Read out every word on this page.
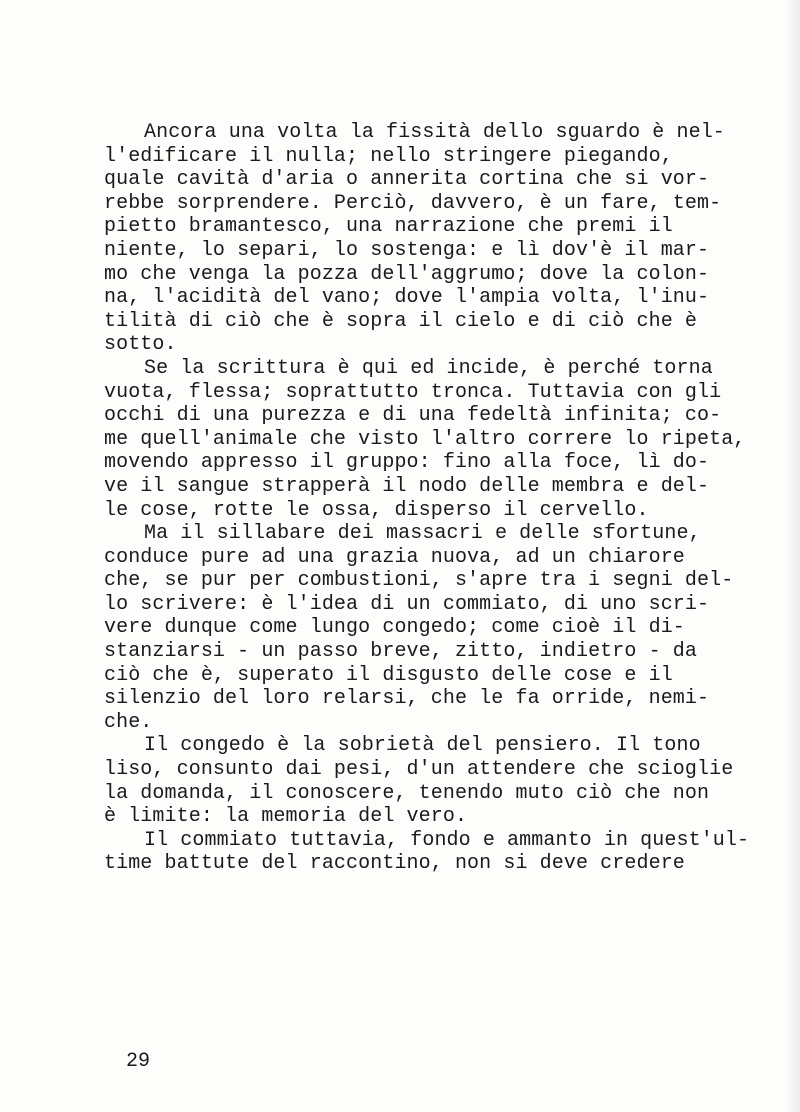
Ancora una volta la fissità dello sguardo è nel-
l'edificare il nulla; nello stringere piegando,
quale cavità d'aria o annerita cortina che si vor-
rebbe sorprendere. Perciò, davvero, è un fare, tem-
pietto bramantesco, una narrazione che premi il
niente, lo separi, lo sostenga: e lì dov'è il mar-
mo che venga la pozza dell'aggrumo; dove la colon-
na, l'acidità del vano; dove l'ampia volta, l'inu-
tilità di ciò che è sopra il cielo e di ciò che è
sotto.
Se la scrittura è qui ed incide, è perché torna
vuota, flessa; soprattutto tronca. Tuttavia con gli
occhi di una purezza e di una fedeltà infinita; co-
me quell'animale che visto l'altro correre lo ripeta,
movendo appresso il gruppo: fino alla foce, lì do-
ve il sangue strapperà il nodo delle membra e del-
le cose, rotte le ossa, disperso il cervello.
Ma il sillabare dei massacri e delle sfortune,
conduce pure ad una grazia nuova, ad un chiarore
che, se pur per combustioni, s'apre tra i segni del-
lo scrivere: è l'idea di un commiato, di uno scri-
vere dunque come lungo congedo; come cioè il di-
stanziarsi - un passo breve, zitto, indietro - da
ciò che è, superato il disgusto delle cose e il
silenzio del loro relarsi, che le fa orride, nemi-
che.
Il congedo è la sobrietà del pensiero. Il tono
liso, consunto dai pesi, d'un attendere che scioglie
la domanda, il conoscere, tenendo muto ciò che non
è limite: la memoria del vero.
Il commiato tuttavia, fondo e ammanto in quest'ul-
time battute del raccontino, non si deve credere
29
